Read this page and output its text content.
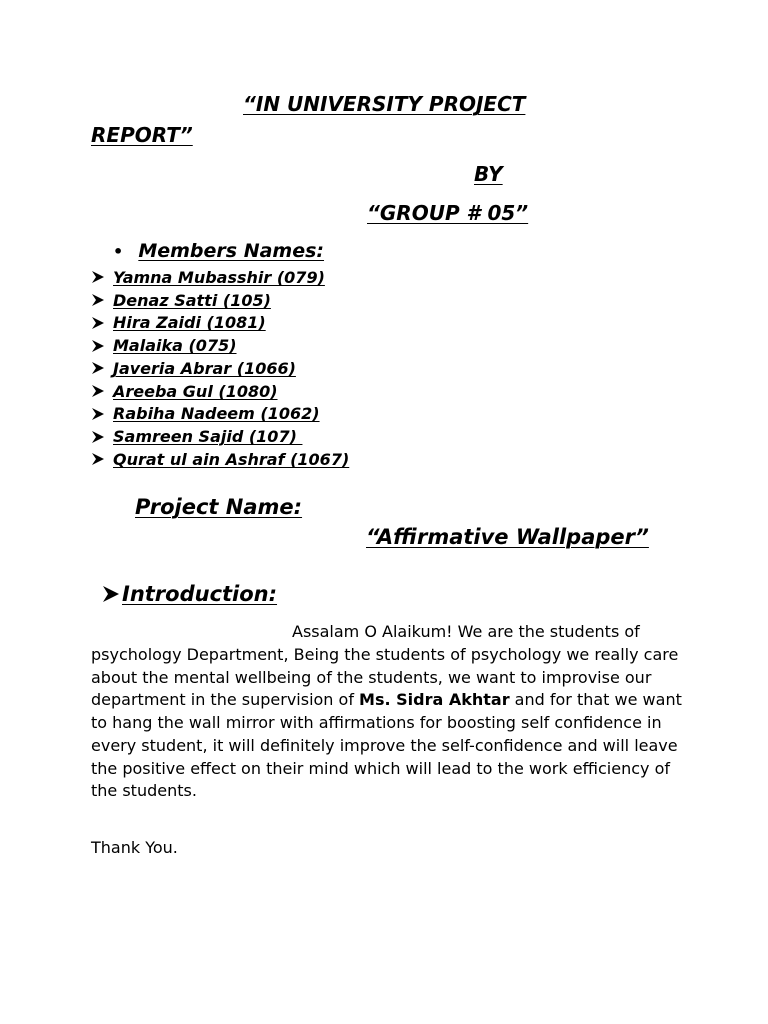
“IN UNIVERSITY PROJECT
REPORT”
BY
“GROUP # 05”
• Members Names:
Yamna Mubasshir (079)
Denaz Satti (105)
Hira Zaidi (1081)
Malaika (075)
Javeria Abrar (1066)
Areeba Gul (1080)
Rabiha Nadeem (1062)
Samreen Sajid (107)
Qurat ul ain Ashraf (1067)
Project Name:
“Affirmative Wallpaper”
Introduction:
Assalam O Alaikum! We are the students of psychology Department, Being the students of psychology we really care about the mental wellbeing of the students, we want to improvise our department in the supervision of Ms. Sidra Akhtar and for that we want to hang the wall mirror with affirmations for boosting self confidence in every student, it will definitely improve the self-confidence and will leave the positive effect on their mind which will lead to the work efficiency of the students.
Thank You.
